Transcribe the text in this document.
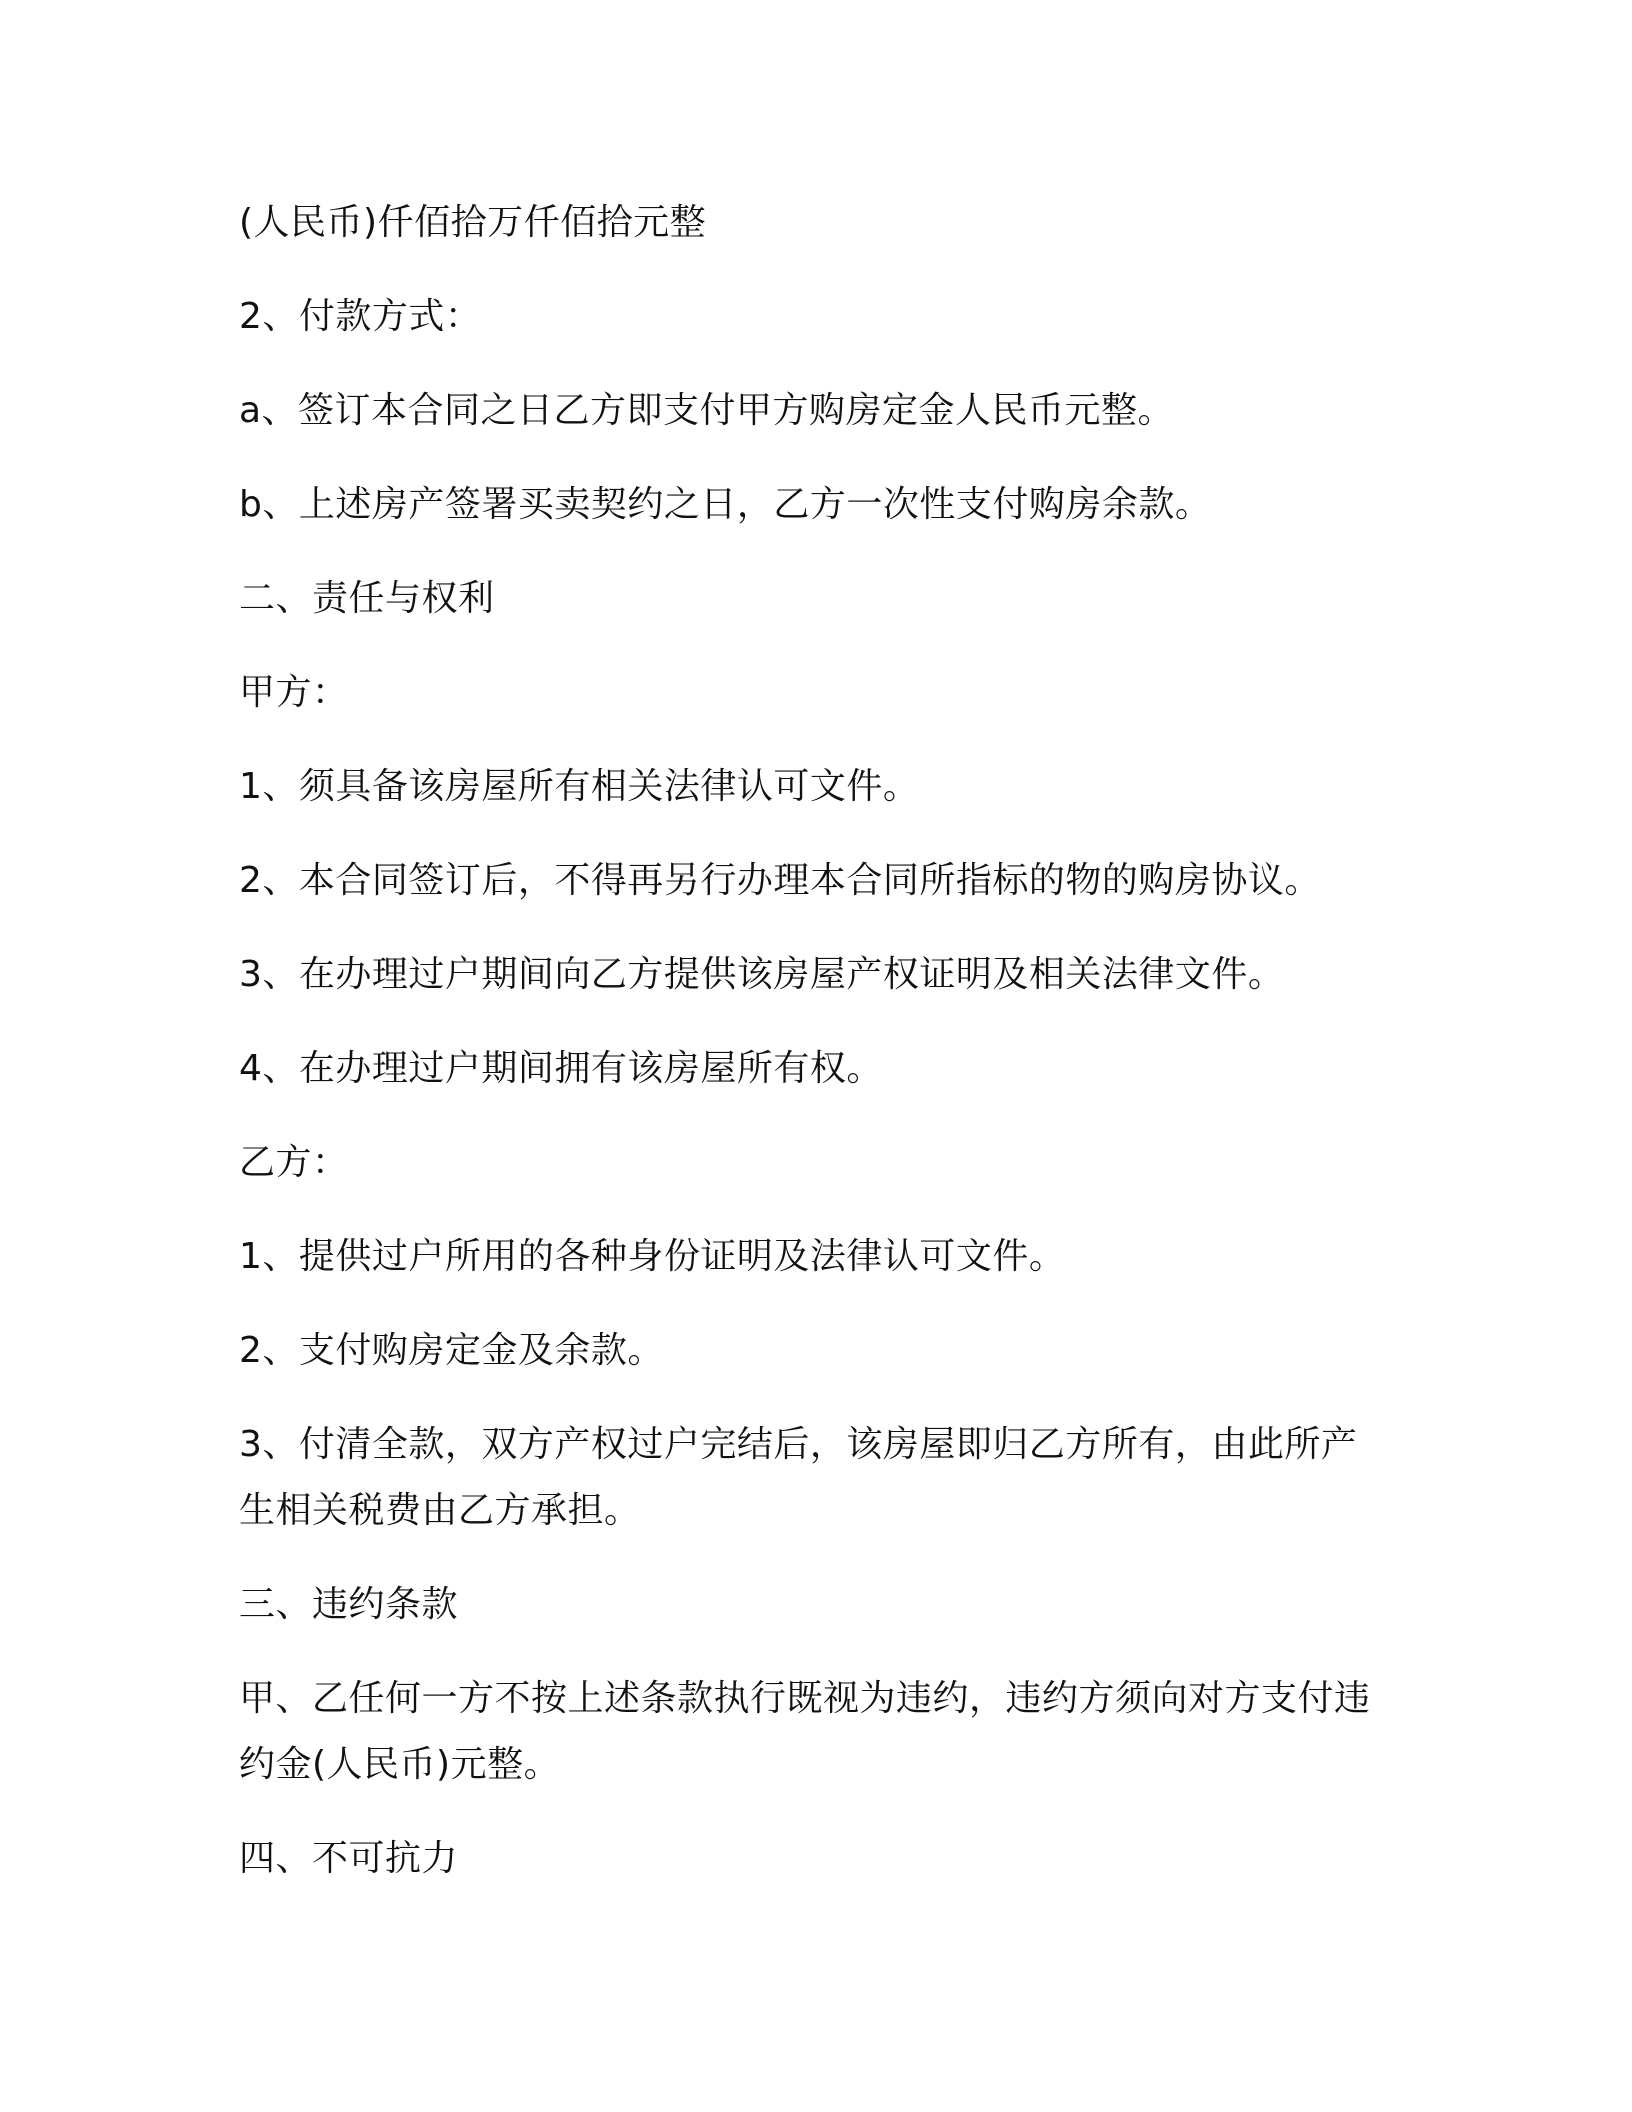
(人民币)仟佰拾万仟佰拾元整

2、付款方式：

a、签订本合同之日乙方即支付甲方购房定金人民币元整。

b、上述房产签署买卖契约之日，乙方一次性支付购房余款。

二、责任与权利

甲方：

1、须具备该房屋所有相关法律认可文件。

2、本合同签订后，不得再另行办理本合同所指标的物的购房协议。

3、在办理过户期间向乙方提供该房屋产权证明及相关法律文件。

4、在办理过户期间拥有该房屋所有权。

乙方：

1、提供过户所用的各种身份证明及法律认可文件。

2、支付购房定金及余款。

3、付清全款，双方产权过户完结后，该房屋即归乙方所有，由此所产生相关税费由乙方承担。

三、违约条款

甲、乙任何一方不按上述条款执行既视为违约，违约方须向对方支付违约金(人民币)元整。

四、不可抗力
